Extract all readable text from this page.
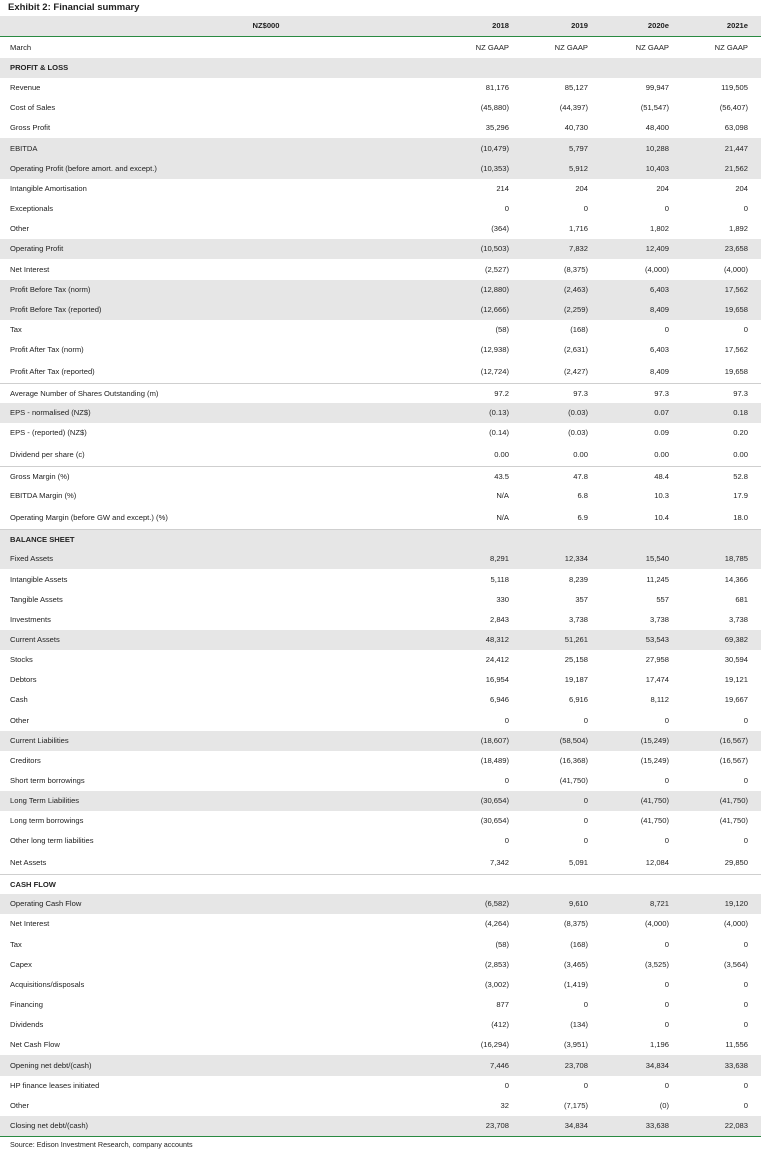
Exhibit 2: Financial summary
NZ$000	2018	2019	2020e	2021e
March	NZ GAAP	NZ GAAP	NZ GAAP	NZ GAAP
PROFIT & LOSS
Revenue	81,176	85,127	99,947	119,505
Cost of Sales	(45,880)	(44,397)	(51,547)	(56,407)
Gross Profit	35,296	40,730	48,400	63,098
EBITDA	(10,479)	5,797	10,288	21,447
Operating Profit (before amort. and except.)	(10,353)	5,912	10,403	21,562
Intangible Amortisation	214	204	204	204
Exceptionals	0	0	0	0
Other	(364)	1,716	1,802	1,892
Operating Profit	(10,503)	7,832	12,409	23,658
Net Interest	(2,527)	(8,375)	(4,000)	(4,000)
Profit Before Tax (norm)	(12,880)	(2,463)	6,403	17,562
Profit Before Tax (reported)	(12,666)	(2,259)	8,409	19,658
Tax	(58)	(168)	0	0
Profit After Tax (norm)	(12,938)	(2,631)	6,403	17,562
Profit After Tax (reported)	(12,724)	(2,427)	8,409	19,658
Average Number of Shares Outstanding (m)	97.2	97.3	97.3	97.3
EPS - normalised (NZ$)	(0.13)	(0.03)	0.07	0.18
EPS - (reported) (NZ$)	(0.14)	(0.03)	0.09	0.20
Dividend per share (c)	0.00	0.00	0.00	0.00
Gross Margin (%)	43.5	47.8	48.4	52.8
EBITDA Margin (%)	N/A	6.8	10.3	17.9
Operating Margin (before GW and except.) (%)	N/A	6.9	10.4	18.0
BALANCE SHEET
Fixed Assets	8,291	12,334	15,540	18,785
Intangible Assets	5,118	8,239	11,245	14,366
Tangible Assets	330	357	557	681
Investments	2,843	3,738	3,738	3,738
Current Assets	48,312	51,261	53,543	69,382
Stocks	24,412	25,158	27,958	30,594
Debtors	16,954	19,187	17,474	19,121
Cash	6,946	6,916	8,112	19,667
Other	0	0	0	0
Current Liabilities	(18,607)	(58,504)	(15,249)	(16,567)
Creditors	(18,489)	(16,368)	(15,249)	(16,567)
Short term borrowings	0	(41,750)	0	0
Long Term Liabilities	(30,654)	0	(41,750)	(41,750)
Long term borrowings	(30,654)	0	(41,750)	(41,750)
Other long term liabilities	0	0	0	0
Net Assets	7,342	5,091	12,084	29,850
CASH FLOW
Operating Cash Flow	(6,582)	9,610	8,721	19,120
Net Interest	(4,264)	(8,375)	(4,000)	(4,000)
Tax	(58)	(168)	0	0
Capex	(2,853)	(3,465)	(3,525)	(3,564)
Acquisitions/disposals	(3,002)	(1,419)	0	0
Financing	877	0	0	0
Dividends	(412)	(134)	0	0
Net Cash Flow	(16,294)	(3,951)	1,196	11,556
Opening net debt/(cash)	7,446	23,708	34,834	33,638
HP finance leases initiated	0	0	0	0
Other	32	(7,175)	(0)	0
Closing net debt/(cash)	23,708	34,834	33,638	22,083
Source: Edison Investment Research, company accounts
